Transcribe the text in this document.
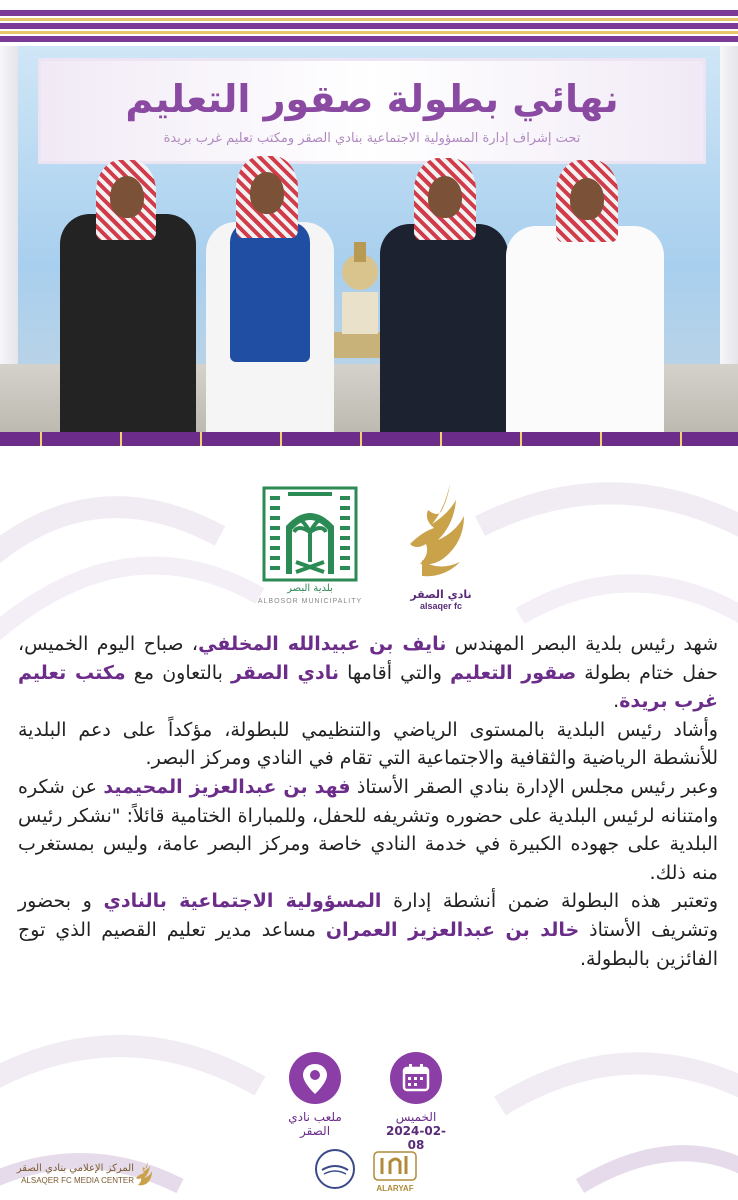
نهائي بطولة صقور التعليم
تحت إشراف إدارة المسؤولية الاجتماعية بنادي الصقر ومكتب تعليم غرب بريدة
بلدية البصر
ALBOSOR MUNICIPALITY
نادي الصقر
alsaqer fc

شهد رئيس بلدية البصر المهندس نايف بن عبيدالله المخلفي، صباح اليوم الخميس، حفل ختام بطولة صقور التعليم والتي أقامها نادي الصقر بالتعاون مع مكتب تعليم غرب بريدة.

وأشاد رئيس البلدية بالمستوى الرياضي والتنظيمي للبطولة، مؤكداً على دعم البلدية للأنشطة الرياضية والثقافية والاجتماعية التي تقام في النادي ومركز البصر.

وعبر رئيس مجلس الإدارة بنادي الصقر الأستاذ فهد بن عبدالعزيز المحيميد عن شكره وامتنانه لرئيس البلدية على حضوره وتشريفه للحفل، وللمباراة الختامية قائلاً: "نشكر رئيس البلدية على جهوده الكبيرة في خدمة النادي خاصة ومركز البصر عامة، وليس بمستغرب منه ذلك.

وتعتبر هذه البطولة ضمن أنشطة إدارة المسؤولية الاجتماعية بالنادي و بحضور وتشريف الأستاذ خالد بن عبدالعزيز العمران مساعد مدير تعليم القصيم الذي توج الفائزين بالبطولة.

ملعب نادي
الصقر
الخميس
2024-02-08
المركز الإعلامي بنادي الصقر
ALSAQER FC MEDIA CENTER
ALARYAF
